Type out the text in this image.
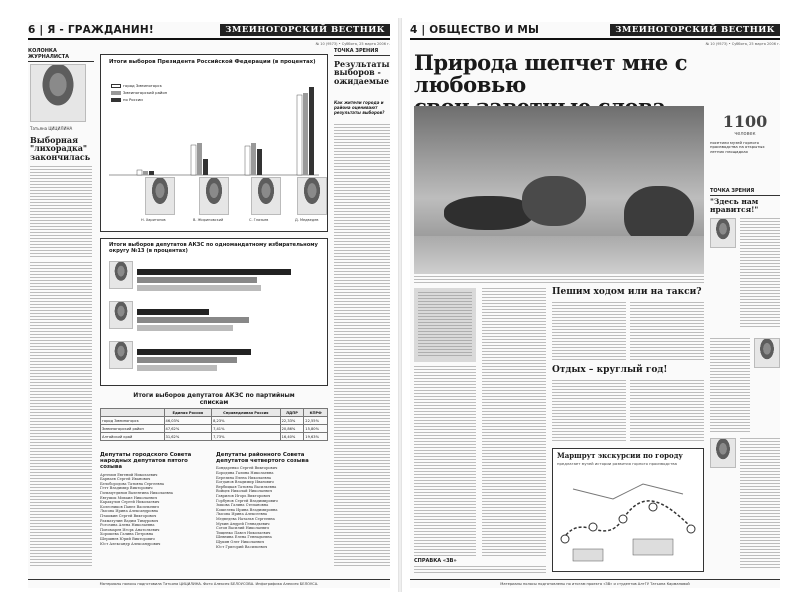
6 | Я - ГРАЖДАНИН!	ЗМЕИНОГОРСКИЙ ВЕСТНИК
№ 10 (9573) • Суббота, 25 марта 2006 г.
КОЛОНКА ЖУРНАЛИСТА
Татьяна ЦИЦИЛИНА
Выборная "лихорадка" закончилась
Итоги выборов Президента Российской Федерации (в процентах)
город Змеиногорск
Змеиногорский район
по России
Н. Харитонов	В. Жириновский	С. Глазьев	Д. Медведев
Итоги выборов депутатов АКЗС по одномандатному избирательному округу №13 (в процентах)
Итоги выборов депутатов АКЗС по партийным спискам
	Единая Россия	Справедливая Россия	ЛДПР	КПРФ
город Змеиногорск	46,03%	8,23%	22,33%	22,55%
Змеиногорский район	47,62%	7,41%	20,86%	15,80%
Алтайский край	31,62%	7,73%	16,40%	19,63%
Депутаты городского Совета народных депутатов пятого созыва
Артемов Евгений Николаевич
Барнаев Сергей Иванович
Белобородова Татьяна Сергеевна
Гетт Владимир Викторович
Гильмутдинов Валентина Николаевна
Евтушок Михаил Николаевич
Каракулов Сергей Николаевич
Колесников Павел Васильевич
Лысова Ирина Александровна
Пташкин Сергей Викторович
Рахматулин Вадим Тимурович
Рогозина Алена Николаевна
Пономарев Игорь Анатольевич
Хорошева Галина Петровна
Шершнев Юрий Викторович
Юст Александр Александрович
Депутаты районного Совета депутатов четвертого созыва
Бондаренко Сергей Викторович
Бородина Галина Николаевна
Березина Елена Николаевна
Богданов Владимир Иванович
Вербицкая Татьяна Васильевна
Войцех Николай Николаевич
Гаврилов Игорь Викторович
Горбунов Сергей Владимирович
Зыкова Галина Степановна
Кошелева Ирина Владимировна
Лысова Ирина Алексеевна
Медведева Наталья Сергеевна
Мухин Андрей Геннадьевич
Сотов Василий Николаевич
Тищенко Павел Николаевич
Шевнина Елена Геннадьевна
Щукин Олег Николаевич
Юст Григорий Васильевич
ТОЧКА ЗРЕНИЯ
Результаты выборов - ожидаемые
Как жители города и района оценивают результаты выборов?
Материалы полосы подготовила Татьяна ЦИЦИЛИНА. Фото Алексея БЕЛОУСОВА. Инфографика Алексея БЕЛОУСА.
4 | ОБЩЕСТВО И МЫ	ЗМЕИНОГОРСКИЙ ВЕСТНИК
№ 10 (9573) • Суббота, 25 марта 2006 г.
Природа шепчет мне с любовью
1100
человек
посетили музей горного производства на открытых летних площадках
ТОЧКА ЗРЕНИЯ
"Здесь нам нравится!"
Пешим ходом или на такси?
Отдых – круглый год!
Маршрут экскурсии по городу
предлагает музей истории развития горного производства
СПРАВКА «ЗВ»
Материалы полосы подготовлены по итогам проекта «ЗВ» и студентов АлтГУ Татьяна Кармановой
